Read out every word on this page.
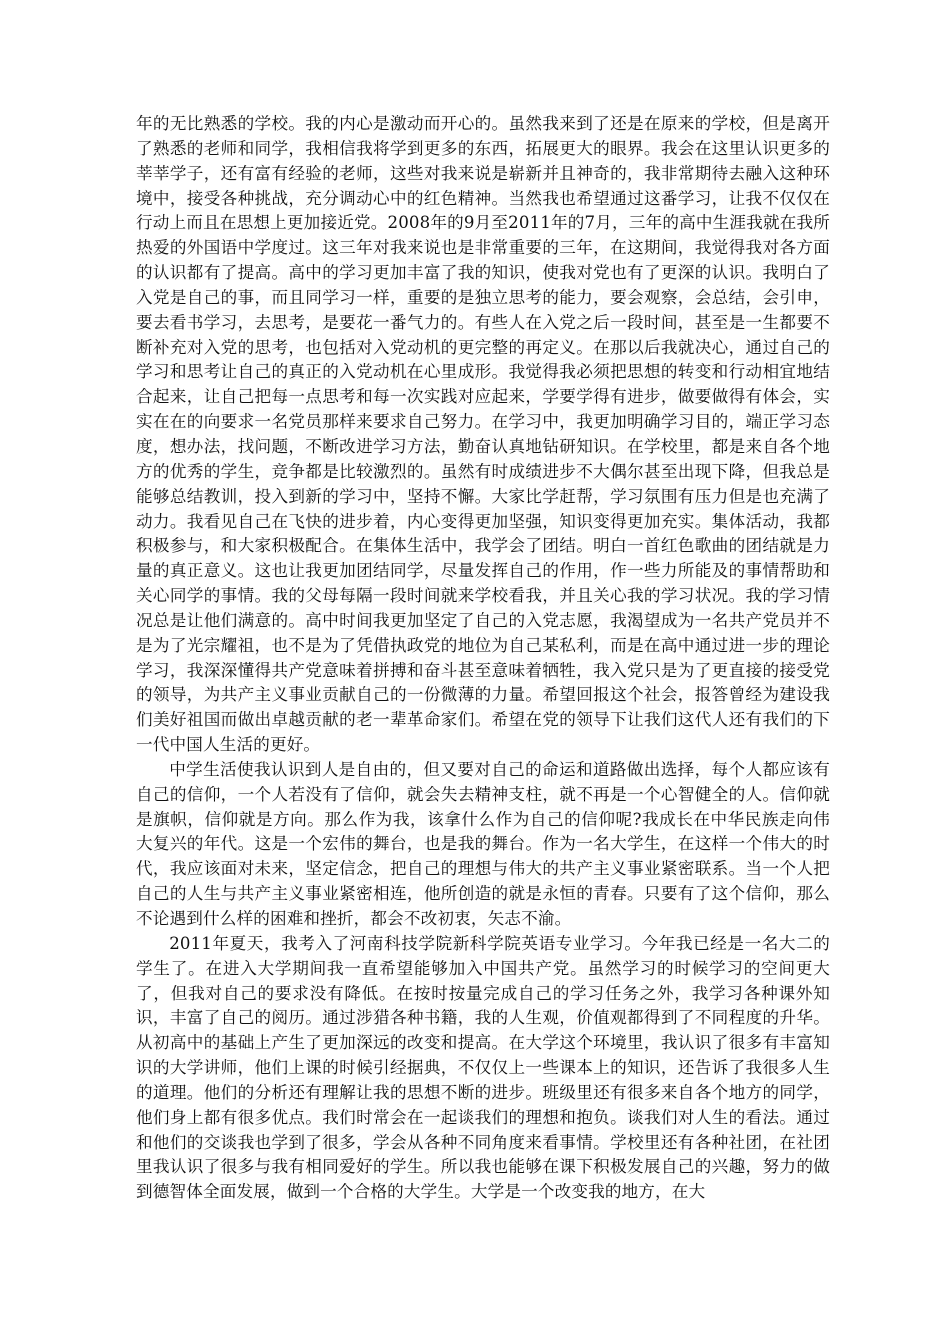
年的无比熟悉的学校。我的内心是激动而开心的。虽然我来到了还是在原来的学校，但是离开了熟悉的老师和同学，我相信我将学到更多的东西，拓展更大的眼界。我会在这里认识更多的莘莘学子，还有富有经验的老师，这些对我来说是崭新并且神奇的，我非常期待去融入这种环境中，接受各种挑战，充分调动心中的红色精神。当然我也希望通过这番学习，让我不仅仅在行动上而且在思想上更加接近党。2008年的9月至2011年的7月，三年的高中生涯我就在我所热爱的外国语中学度过。这三年对我来说也是非常重要的三年，在这期间，我觉得我对各方面的认识都有了提高。高中的学习更加丰富了我的知识，使我对党也有了更深的认识。我明白了入党是自己的事，而且同学习一样，重要的是独立思考的能力，要会观察，会总结，会引申，要去看书学习，去思考，是要花一番气力的。有些人在入党之后一段时间，甚至是一生都要不断补充对入党的思考，也包括对入党动机的更完整的再定义。在那以后我就决心，通过自己的学习和思考让自己的真正的入党动机在心里成形。我觉得我必须把思想的转变和行动相宜地结合起来，让自己把每一点思考和每一次实践对应起来，学要学得有进步，做要做得有体会，实实在在的向要求一名党员那样来要求自己努力。在学习中，我更加明确学习目的，端正学习态度，想办法，找问题，不断改进学习方法，勤奋认真地钻研知识。在学校里，都是来自各个地方的优秀的学生，竞争都是比较激烈的。虽然有时成绩进步不大偶尔甚至出现下降，但我总是能够总结教训，投入到新的学习中，坚持不懈。大家比学赶帮，学习氛围有压力但是也充满了动力。我看见自己在飞快的进步着，内心变得更加坚强，知识变得更加充实。集体活动，我都积极参与，和大家积极配合。在集体生活中，我学会了团结。明白一首红色歌曲的团结就是力量的真正意义。这也让我更加团结同学，尽量发挥自己的作用，作一些力所能及的事情帮助和关心同学的事情。我的父母每隔一段时间就来学校看我，并且关心我的学习状况。我的学习情况总是让他们满意的。高中时间我更加坚定了自己的入党志愿，我渴望成为一名共产党员并不是为了光宗耀祖，也不是为了凭借执政党的地位为自己某私利，而是在高中通过进一步的理论学习，我深深懂得共产党意味着拼搏和奋斗甚至意味着牺牲，我入党只是为了更直接的接受党的领导，为共产主义事业贡献自己的一份微薄的力量。希望回报这个社会，报答曾经为建设我们美好祖国而做出卓越贡献的老一辈革命家们。希望在党的领导下让我们这代人还有我们的下一代中国人生活的更好。

中学生活使我认识到人是自由的，但又要对自己的命运和道路做出选择，每个人都应该有自己的信仰，一个人若没有了信仰，就会失去精神支柱，就不再是一个心智健全的人。信仰就是旗帜，信仰就是方向。那么作为我，该拿什么作为自己的信仰呢?我成长在中华民族走向伟大复兴的年代。这是一个宏伟的舞台，也是我的舞台。作为一名大学生，在这样一个伟大的时代，我应该面对未来，坚定信念，把自己的理想与伟大的共产主义事业紧密联系。当一个人把自己的人生与共产主义事业紧密相连，他所创造的就是永恒的青春。只要有了这个信仰，那么不论遇到什么样的困难和挫折，都会不改初衷，矢志不渝。

2011年夏天，我考入了河南科技学院新科学院英语专业学习。今年我已经是一名大二的学生了。在进入大学期间我一直希望能够加入中国共产党。虽然学习的时候学习的空间更大了，但我对自己的要求没有降低。在按时按量完成自己的学习任务之外，我学习各种课外知识，丰富了自己的阅历。通过涉猎各种书籍，我的人生观，价值观都得到了不同程度的升华。从初高中的基础上产生了更加深远的改变和提高。在大学这个环境里，我认识了很多有丰富知识的大学讲师，他们上课的时候引经据典，不仅仅上一些课本上的知识，还告诉了我很多人生的道理。他们的分析还有理解让我的思想不断的进步。班级里还有很多来自各个地方的同学，他们身上都有很多优点。我们时常会在一起谈我们的理想和抱负。谈我们对人生的看法。通过和他们的交谈我也学到了很多，学会从各种不同角度来看事情。学校里还有各种社团，在社团里我认识了很多与我有相同爱好的学生。所以我也能够在课下积极发展自己的兴趣，努力的做到德智体全面发展，做到一个合格的大学生。大学是一个改变我的地方，在大
